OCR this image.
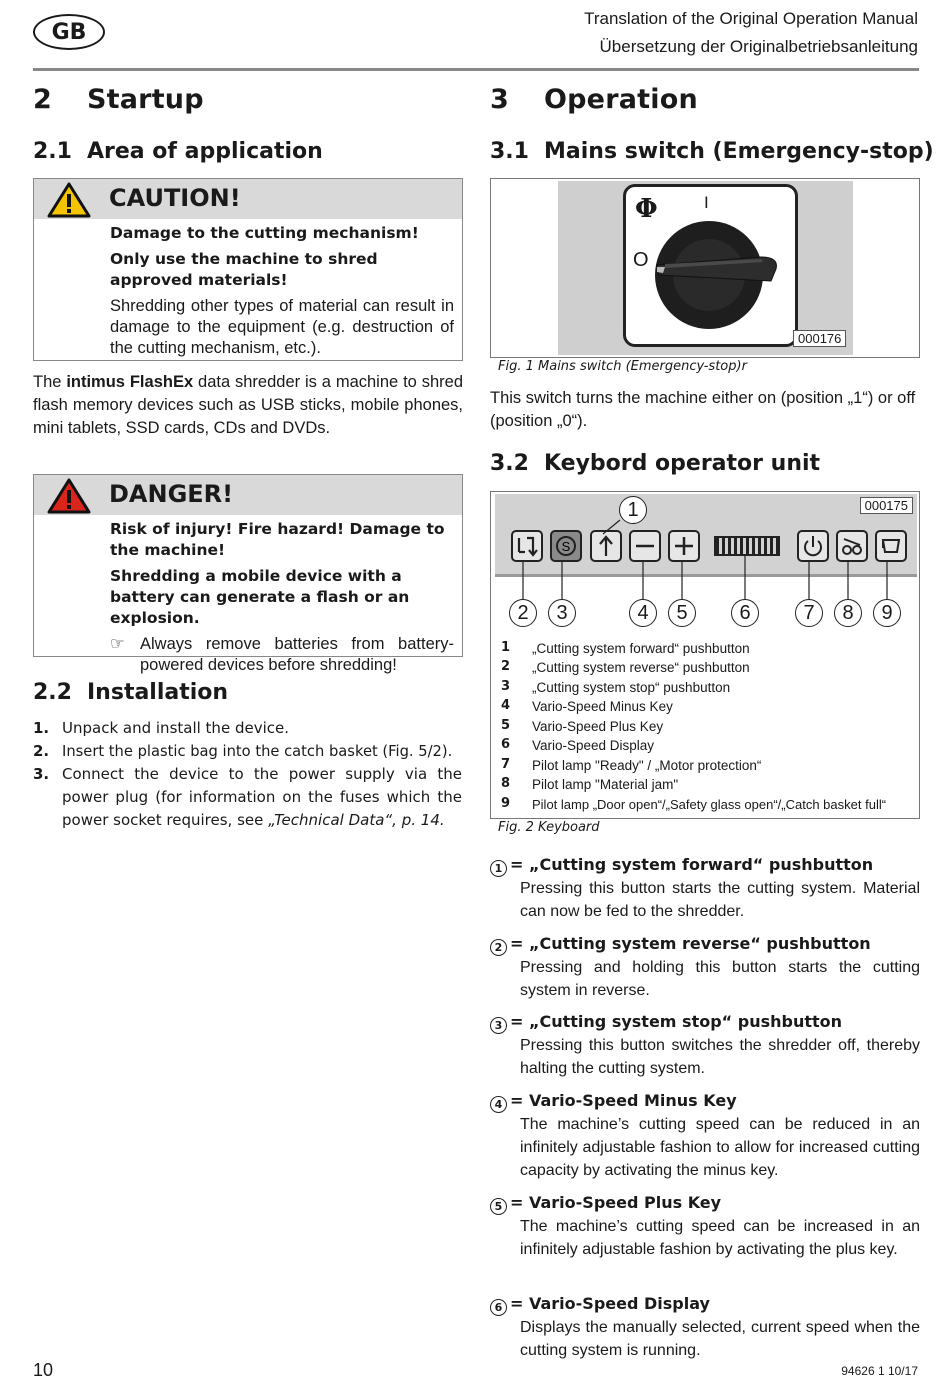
GB
Translation of the Original Operation Manual
Übersetzung der Originalbetriebsanleitung
2 Startup
2.1 Area of application
CAUTION!
Damage to the cutting mechanism!
Only use the machine to shred approved materials!
Shredding other types of material can result in damage to the equipment (e.g. destruction of the cutting mechanism, etc.).
The intimus FlashEx data shredder is a machine to shred flash memory devices such as USB sticks, mobile phones, mini tablets, SSD cards, CDs and DVDs.
DANGER!
Risk of injury! Fire hazard! Damage to the machine!
Shredding a mobile device with a battery can generate a flash or an explosion.
☞ Always remove batteries from battery-powered devices before shredding!
2.2 Installation
1. Unpack and install the device.
2. Insert the plastic bag into the catch basket (Fig. 5/2).
3. Connect the device to the power supply via the power plug (for information on the fuses which the power socket requires, see „Technical Data“, p. 14.
3 Operation
3.1 Mains switch (Emergency-stop)
Φ	I
O
000176
Fig. 1 Mains switch (Emergency-stop)r
This switch turns the machine either on (position „1“) or off (position „0“).
3.2 Keybord operator unit
S
000175
1
2	3	4	5	6	7	8	9
1 „Cutting system forward“ pushbutton
2 „Cutting system reverse“ pushbutton
3 „Cutting system stop“ pushbutton
4 Vario-Speed Minus Key
5 Vario-Speed Plus Key
6 Vario-Speed Display
7 Pilot lamp "Ready" / „Motor protection“
8 Pilot lamp "Material jam"
9 Pilot lamp „Door open“/„Safety glass open“/„Catch basket full“
Fig. 2 Keyboard
1 = „Cutting system forward“ pushbutton
Pressing this button starts the cutting system. Material can now be fed to the shredder.
2 = „Cutting system reverse“ pushbutton
Pressing and holding this button starts the cutting system in reverse.
3 = „Cutting system stop“ pushbutton
Pressing this button switches the shredder off, thereby halting the cutting system.
4 = Vario-Speed Minus Key
The machine’s cutting speed can be reduced in an infinitely adjustable fashion to allow for increased cutting capacity by activating the minus key.
5 = Vario-Speed Plus Key
The machine’s cutting speed can be increased in an infinitely adjustable fashion by activating the plus key.
6 = Vario-Speed Display
Displays the manually selected, current speed when the cutting system is running.
10	94626 1 10/17
